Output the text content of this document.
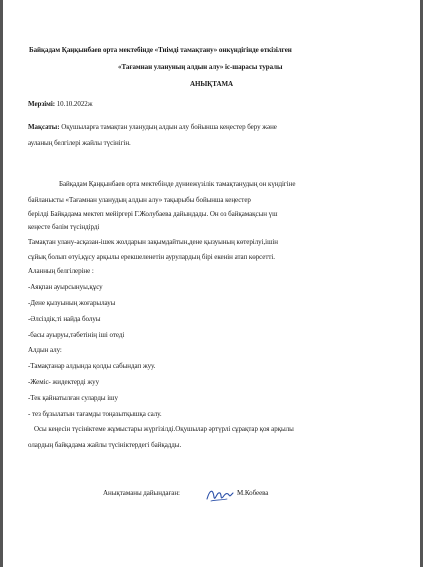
Байқадам Қаңқынбаев орта мектебінде «Тиімді тамақтану» онкүндігінде өткізілген
«Тағамнан улануның алдын алу» іс-шарасы туралы
АНЫҚТАМА
Мерзімі: 10.10.2022ж
Мақсаты: Оқушыларға тамақтан уланудың алдын алу бойынша кеңестер беру және
ауланың белгілері жайлы түсінігін.
Байқадам Қаңқынбаев орта мектебінде дүниежүзілік тамақтанудың он күндігіне
байланысты «Тағамнан уланудың алдын алу» тақырыбы бойынша кеңестер
берілді Байқадама мектеп мейіргері Г.Жолубаева дайындады. Он оз байқамақсын үш
кеңесте бəлім түсіндірді
Тамақтан улану-асқазан-ішек жолдарын зақымдайтын,дене қызуының көтерілуі,ішін
сұйық болып өтуі,құсу арқылы ерекшеленетін аурулардың бірі екенін атап көрсетті.
Аланның белгілерiне :
-Аяқпан ауырсынуы,құсу
-Дене қызуының жоғарылауы
-Әлсіздік,ті найда болуы
-басы ауыруы,тәбетінің іші отеді
Алдын алу:
-Тамақтанар алдында қолды сабындап жуу.
-Жеміс- жидектерді жуу
-Тек қайнатылған суларды ішу
- тез бұзылатын тағамды тоңазытқышқа салу.
Осы кеңесін түсініктеме жұмыстары жүргізілді.Оқушылар әртүрлі сұрақтар қоя арқылы
олардың байқадама жайлы түсініктердегі байқадды.
Анықтаманы дайындаған:	М.Кобеева
